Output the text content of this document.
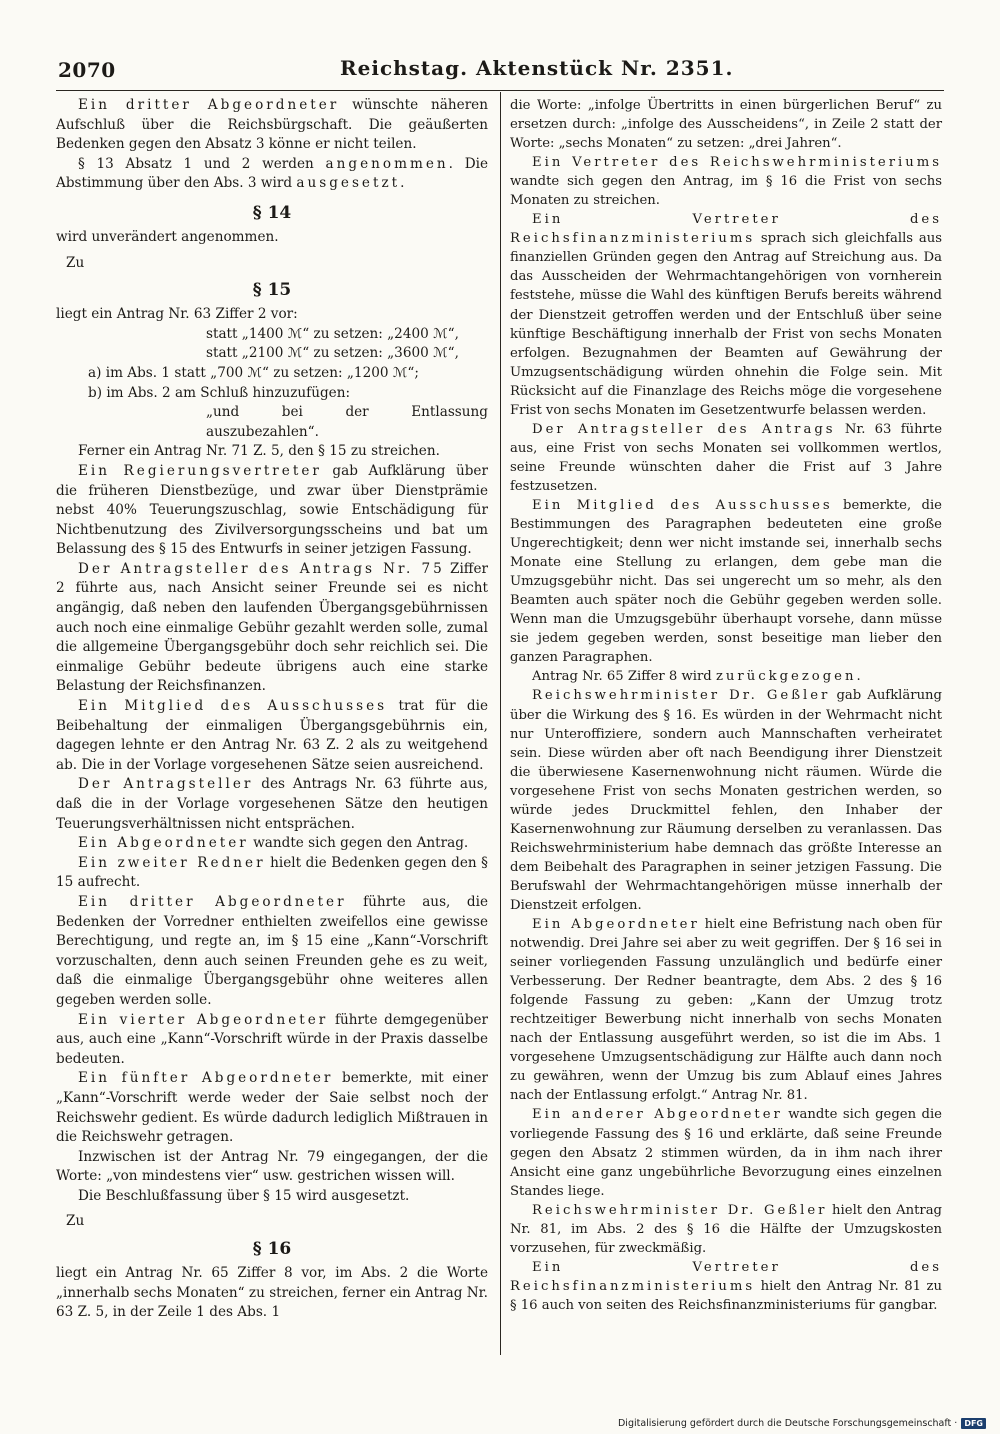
2070	Reichstag. Aktenstück Nr. 2351.

Ein dritter Abgeordneter wünschte näheren Aufschluß über die Reichsbürgschaft. Die geäußerten Bedenken gegen den Absatz 3 könne er nicht teilen.

§ 13 Absatz 1 und 2 werden angenommen. Die Abstimmung über den Abs. 3 wird ausgesetzt.

§ 14

wird unverändert angenommen.

Zu

§ 15

liegt ein Antrag Nr. 63 Ziffer 2 vor:

statt „1400 ℳ“ zu setzen: „2400 ℳ“,

statt „2100 ℳ“ zu setzen: „3600 ℳ“,

a) im Abs. 1 statt „700 ℳ“ zu setzen: „1200 ℳ“;

b) im Abs. 2 am Schluß hinzuzufügen:

„und bei der Entlassung auszubezahlen“.

Ferner ein Antrag Nr. 71 Z. 5, den § 15 zu streichen.

Ein Regierungsvertreter gab Aufklärung über die früheren Dienstbezüge, und zwar über Dienstprämie nebst 40% Teuerungszuschlag, sowie Entschädigung für Nichtbenutzung des Zivilversorgungsscheins und bat um Belassung des § 15 des Entwurfs in seiner jetzigen Fassung.

Der Antragsteller des Antrags Nr. 75 Ziffer 2 führte aus, nach Ansicht seiner Freunde sei es nicht angängig, daß neben den laufenden Übergangsgebührnissen auch noch eine einmalige Gebühr gezahlt werden solle, zumal die allgemeine Übergangsgebühr doch sehr reichlich sei. Die einmalige Gebühr bedeute übrigens auch eine starke Belastung der Reichsfinanzen.

Ein Mitglied des Ausschusses trat für die Beibehaltung der einmaligen Übergangsgebührnis ein, dagegen lehnte er den Antrag Nr. 63 Z. 2 als zu weitgehend ab. Die in der Vorlage vorgesehenen Sätze seien ausreichend.

Der Antragsteller des Antrags Nr. 63 führte aus, daß die in der Vorlage vorgesehenen Sätze den heutigen Teuerungsverhältnissen nicht entsprächen.

Ein Abgeordneter wandte sich gegen den Antrag.

Ein zweiter Redner hielt die Bedenken gegen den § 15 aufrecht.

Ein dritter Abgeordneter führte aus, die Bedenken der Vorredner enthielten zweifellos eine gewisse Berechtigung, und regte an, im § 15 eine „Kann“-Vorschrift vorzuschalten, denn auch seinen Freunden gehe es zu weit, daß die einmalige Übergangsgebühr ohne weiteres allen gegeben werden solle.

Ein vierter Abgeordneter führte demgegenüber aus, auch eine „Kann“-Vorschrift würde in der Praxis dasselbe bedeuten.

Ein fünfter Abgeordneter bemerkte, mit einer „Kann“-Vorschrift werde weder der Saie selbst noch der Reichswehr gedient. Es würde dadurch lediglich Mißtrauen in die Reichswehr getragen.

Inzwischen ist der Antrag Nr. 79 eingegangen, der die Worte: „von mindestens vier“ usw. gestrichen wissen will.

Die Beschlußfassung über § 15 wird ausgesetzt.

Zu

§ 16

liegt ein Antrag Nr. 65 Ziffer 8 vor, im Abs. 2 die Worte „innerhalb sechs Monaten“ zu streichen, ferner ein Antrag Nr. 63 Z. 5, in der Zeile 1 des Abs. 1

die Worte: „infolge Übertritts in einen bürgerlichen Beruf“ zu ersetzen durch: „infolge des Ausscheidens“, in Zeile 2 statt der Worte: „sechs Monaten“ zu setzen: „drei Jahren“.

Ein Vertreter des Reichswehrministeriums wandte sich gegen den Antrag, im § 16 die Frist von sechs Monaten zu streichen.

Ein Vertreter des Reichsfinanzministeriums sprach sich gleichfalls aus finanziellen Gründen gegen den Antrag auf Streichung aus. Da das Ausscheiden der Wehrmachtangehörigen von vornherein feststehe, müsse die Wahl des künftigen Berufs bereits während der Dienstzeit getroffen werden und der Entschluß über seine künftige Beschäftigung innerhalb der Frist von sechs Monaten erfolgen. Bezugnahmen der Beamten auf Gewährung der Umzugsentschädigung würden ohnehin die Folge sein. Mit Rücksicht auf die Finanzlage des Reichs möge die vorgesehene Frist von sechs Monaten im Gesetzentwurfe belassen werden.

Der Antragsteller des Antrags Nr. 63 führte aus, eine Frist von sechs Monaten sei vollkommen wertlos, seine Freunde wünschten daher die Frist auf 3 Jahre festzusetzen.

Ein Mitglied des Ausschusses bemerkte, die Bestimmungen des Paragraphen bedeuteten eine große Ungerechtigkeit; denn wer nicht imstande sei, innerhalb sechs Monate eine Stellung zu erlangen, dem gebe man die Umzugsgebühr nicht. Das sei ungerecht um so mehr, als den Beamten auch später noch die Gebühr gegeben werden solle. Wenn man die Umzugsgebühr überhaupt vorsehe, dann müsse sie jedem gegeben werden, sonst beseitige man lieber den ganzen Paragraphen.

Antrag Nr. 65 Ziffer 8 wird zurückgezogen.

Reichswehrminister Dr. Geßler gab Aufklärung über die Wirkung des § 16. Es würden in der Wehrmacht nicht nur Unteroffiziere, sondern auch Mannschaften verheiratet sein. Diese würden aber oft nach Beendigung ihrer Dienstzeit die überwiesene Kasernenwohnung nicht räumen. Würde die vorgesehene Frist von sechs Monaten gestrichen werden, so würde jedes Druckmittel fehlen, den Inhaber der Kasernenwohnung zur Räumung derselben zu veranlassen. Das Reichswehrministerium habe demnach das größte Interesse an dem Beibehalt des Paragraphen in seiner jetzigen Fassung. Die Berufswahl der Wehrmachtangehörigen müsse innerhalb der Dienstzeit erfolgen.

Ein Abgeordneter hielt eine Befristung nach oben für notwendig. Drei Jahre sei aber zu weit gegriffen. Der § 16 sei in seiner vorliegenden Fassung unzulänglich und bedürfe einer Verbesserung. Der Redner beantragte, dem Abs. 2 des § 16 folgende Fassung zu geben: „Kann der Umzug trotz rechtzeitiger Bewerbung nicht innerhalb von sechs Monaten nach der Entlassung ausgeführt werden, so ist die im Abs. 1 vorgesehene Umzugsentschädigung zur Hälfte auch dann noch zu gewähren, wenn der Umzug bis zum Ablauf eines Jahres nach der Entlassung erfolgt.“ Antrag Nr. 81.

Ein anderer Abgeordneter wandte sich gegen die vorliegende Fassung des § 16 und erklärte, daß seine Freunde gegen den Absatz 2 stimmen würden, da in ihm nach ihrer Ansicht eine ganz ungebührliche Bevorzugung eines einzelnen Standes liege.

Reichswehrminister Dr. Geßler hielt den Antrag Nr. 81, im Abs. 2 des § 16 die Hälfte der Umzugskosten vorzusehen, für zweckmäßig.

Ein Vertreter des Reichsfinanzministeriums hielt den Antrag Nr. 81 zu § 16 auch von seiten des Reichsfinanzministeriums für gangbar.

Digitalisierung gefördert durch die Deutsche Forschungsgemeinschaft · DFG
